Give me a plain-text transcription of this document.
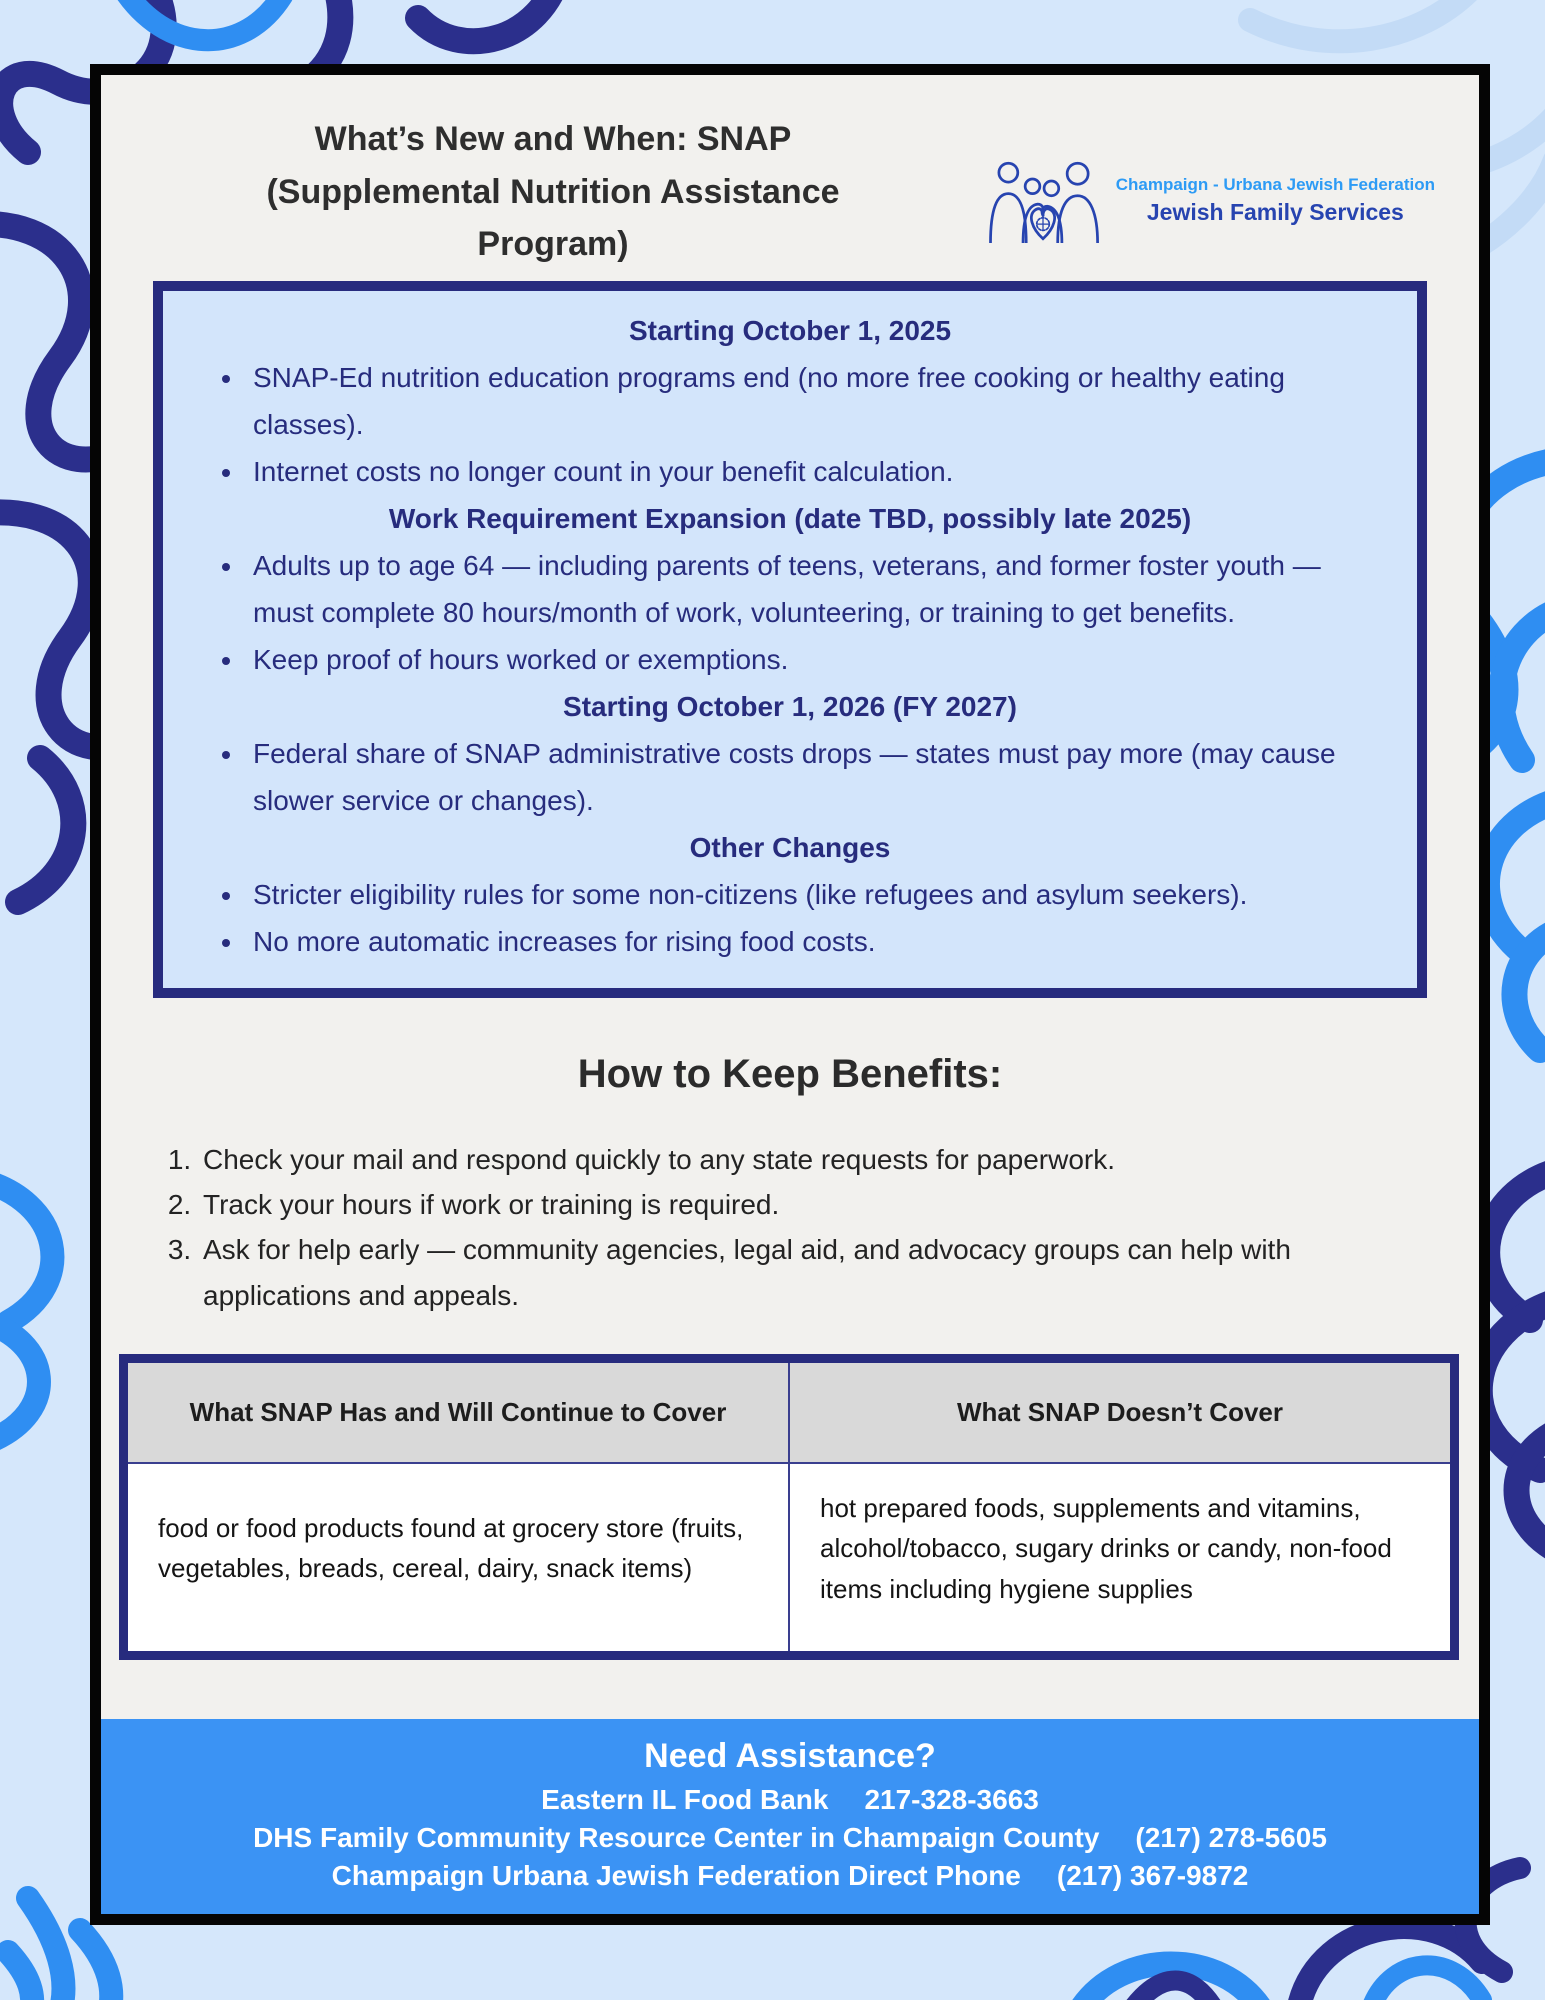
What’s New and When: SNAP
(Supplemental Nutrition Assistance Program)
Champaign - Urbana Jewish Federation
Jewish Family Services
Starting October 1, 2025
• SNAP-Ed nutrition education programs end (no more free cooking or healthy eating classes).
• Internet costs no longer count in your benefit calculation.
Work Requirement Expansion (date TBD, possibly late 2025)
• Adults up to age 64 — including parents of teens, veterans, and former foster youth — must complete 80 hours/month of work, volunteering, or training to get benefits.
• Keep proof of hours worked or exemptions.
Starting October 1, 2026 (FY 2027)
• Federal share of SNAP administrative costs drops — states must pay more (may cause slower service or changes).
Other Changes
• Stricter eligibility rules for some non-citizens (like refugees and asylum seekers).
• No more automatic increases for rising food costs.
How to Keep Benefits:
1. Check your mail and respond quickly to any state requests for paperwork.
2. Track your hours if work or training is required.
3. Ask for help early — community agencies, legal aid, and advocacy groups can help with applications and appeals.
What SNAP Has and Will Continue to Cover	What SNAP Doesn’t Cover
food or food products found at grocery store (fruits, vegetables, breads, cereal, dairy, snack items)	hot prepared foods, supplements and vitamins, alcohol/tobacco, sugary drinks or candy, non-food items including hygiene supplies
Need Assistance?
Eastern IL Food Bank 217-328-3663
DHS Family Community Resource Center in Champaign County (217) 278-5605
Champaign Urbana Jewish Federation Direct Phone (217) 367-9872
